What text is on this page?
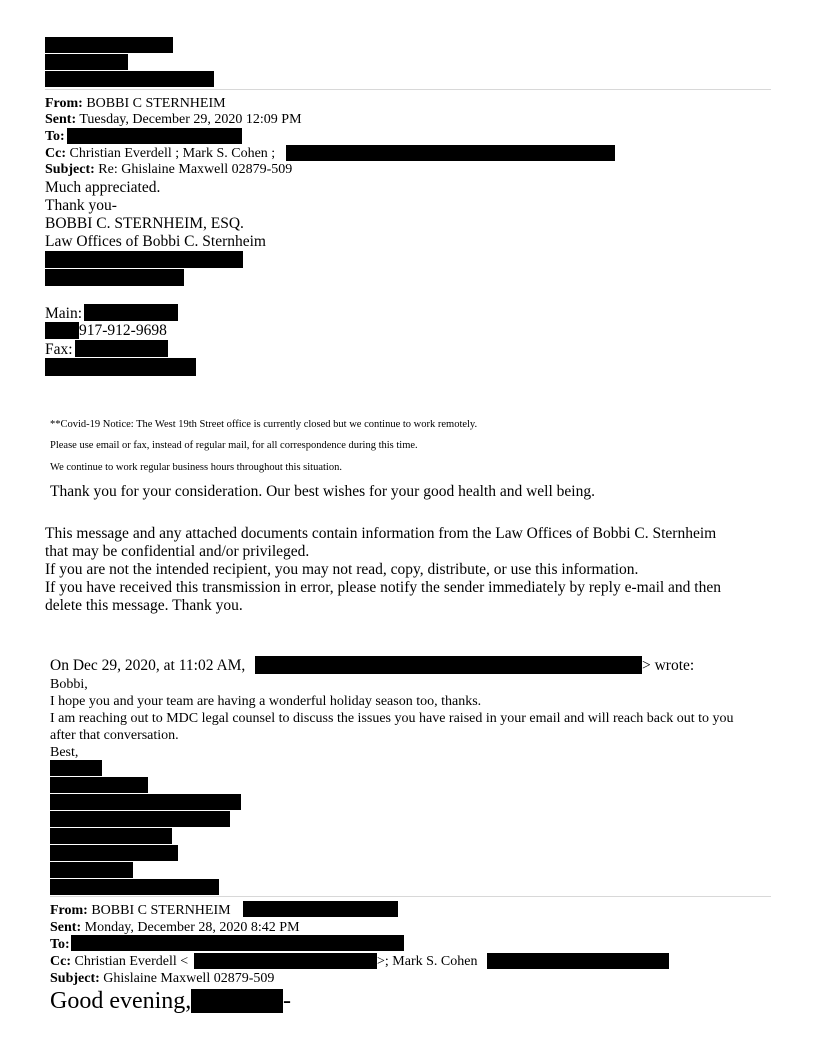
From: BOBBI C STERNHEIM
Sent: Tuesday, December 29, 2020 12:09 PM
To:
Cc: Christian Everdell ; Mark S. Cohen ;
Subject: Re: Ghislaine Maxwell 02879-509
Much appreciated.
Thank you-
BOBBI C. STERNHEIM, ESQ.
Law Offices of Bobbi C. Sternheim
Main:
917-912-9698
Fax:
**Covid-19 Notice: The West 19th Street office is currently closed but we continue to work remotely.
Please use email or fax, instead of regular mail, for all correspondence during this time.
We continue to work regular business hours throughout this situation.
Thank you for your consideration. Our best wishes for your good health and well being.
This message and any attached documents contain information from the Law Offices of Bobbi C. Sternheim
that may be confidential and/or privileged.
If you are not the intended recipient, you may not read, copy, distribute, or use this information.
If you have received this transmission in error, please notify the sender immediately by reply e-mail and then
delete this message. Thank you.
On Dec 29, 2020, at 11:02 AM,	> wrote:
Bobbi,
I hope you and your team are having a wonderful holiday season too, thanks.
I am reaching out to MDC legal counsel to discuss the issues you have raised in your email and will reach back out to you
after that conversation.
Best,
From: BOBBI C STERNHEIM
Sent: Monday, December 28, 2020 8:42 PM
To:
Cc: Christian Everdell <	>; Mark S. Cohen
Subject: Ghislaine Maxwell 02879-509
Good evening,	-
